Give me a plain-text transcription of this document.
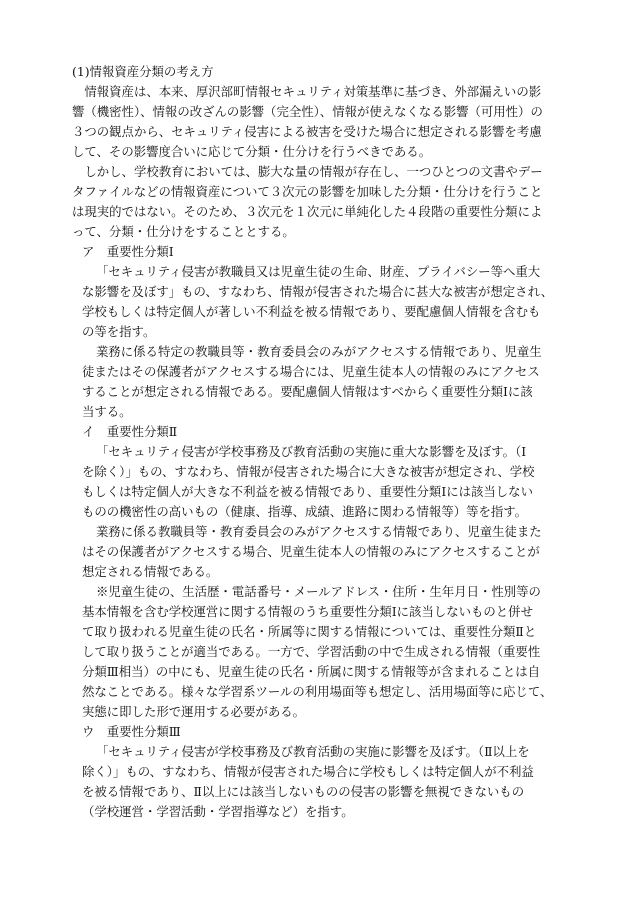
(1)情報資産分類の考え方
　情報資産は、本来、厚沢部町情報セキュリティ対策基準に基づき、外部漏えいの影
響（機密性）、情報の改ざんの影響（完全性）、情報が使えなくなる影響（可用性）の
３つの観点から、セキュリティ侵害による被害を受けた場合に想定される影響を考慮
して、その影響度合いに応じて分類・仕分けを行うべきである。
　しかし、学校教育においては、膨大な量の情報が存在し、一つひとつの文書やデー
タファイルなどの情報資産について３次元の影響を加味した分類・仕分けを行うこと
は現実的ではない。そのため、３次元を１次元に単純化した４段階の重要性分類によ
って、分類・仕分けをすることとする。
ア　重要性分類Ⅰ
「セキュリティ侵害が教職員又は児童生徒の生命、財産、プライバシー等へ重大
な影響を及ぼす」もの、すなわち、情報が侵害された場合に甚大な被害が想定され、
学校もしくは特定個人が著しい不利益を被る情報であり、要配慮個人情報を含むも
の等を指す。
業務に係る特定の教職員等・教育委員会のみがアクセスする情報であり、児童生
徒またはその保護者がアクセスする場合には、児童生徒本人の情報のみにアクセス
することが想定される情報である。要配慮個人情報はすべからく重要性分類Ⅰに該
当する。
イ　重要性分類Ⅱ
「セキュリティ侵害が学校事務及び教育活動の実施に重大な影響を及ぼす。（Ⅰ
を除く）」もの、すなわち、情報が侵害された場合に大きな被害が想定され、学校
もしくは特定個人が大きな不利益を被る情報であり、重要性分類Ⅰには該当しない
ものの機密性の高いもの（健康、指導、成績、進路に関わる情報等）等を指す。
業務に係る教職員等・教育委員会のみがアクセスする情報であり、児童生徒また
はその保護者がアクセスする場合、児童生徒本人の情報のみにアクセスすることが
想定される情報である。
※児童生徒の、生活歴・電話番号・メールアドレス・住所・生年月日・性別等の
基本情報を含む学校運営に関する情報のうち重要性分類Ⅰに該当しないものと併せ
て取り扱われる児童生徒の氏名・所属等に関する情報については、重要性分類Ⅱと
して取り扱うことが適当である。一方で、学習活動の中で生成される情報（重要性
分類Ⅲ相当）の中にも、児童生徒の氏名・所属に関する情報等が含まれることは自
然なことである。様々な学習系ツールの利用場面等も想定し、活用場面等に応じて、
実態に即した形で運用する必要がある。
ウ　重要性分類Ⅲ
「セキュリティ侵害が学校事務及び教育活動の実施に影響を及ぼす。（Ⅱ以上を
除く）」もの、すなわち、情報が侵害された場合に学校もしくは特定個人が不利益
を被る情報であり、Ⅱ以上には該当しないものの侵害の影響を無視できないもの
（学校運営・学習活動・学習指導など）を指す。
